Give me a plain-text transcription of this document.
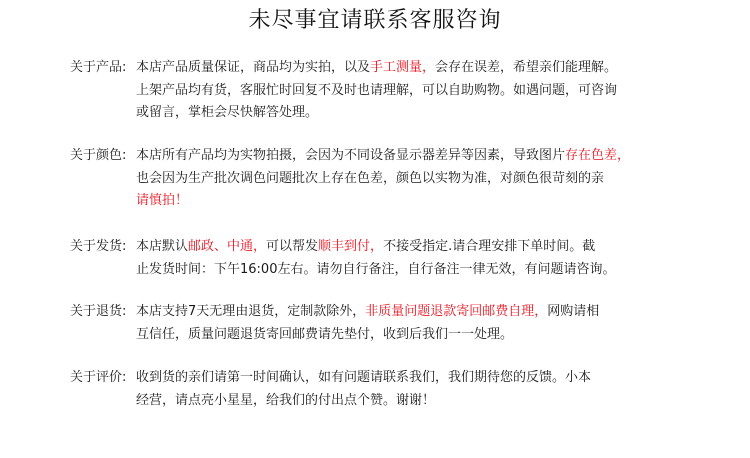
未尽事宜请联系客服咨询
关于产品: 本店产品质量保证，商品均为实拍，以及手工测量，会存在误差，希望亲们能理解。
上架产品均有货，客服忙时回复不及时也请理解，可以自助购物。如遇问题，可咨询
或留言，掌柜会尽快解答处理。
关于颜色: 本店所有产品均为实物拍摄，会因为不同设备显示器差异等因素，导致图片存在色差，
也会因为生产批次调色问题批次上存在色差，颜色以实物为准，对颜色很苛刻的亲
请慎拍！
关于发货: 本店默认邮政、中通，可以帮发顺丰到付，不接受指定.请合理安排下单时间。截
止发货时间：下午16:00左右。请勿自行备注，自行备注一律无效，有问题请咨询。
关于退货: 本店支持7天无理由退货，定制款除外，非质量问题退款寄回邮费自理，网购请相
互信任，质量问题退货寄回邮费请先垫付，收到后我们一一处理。
关于评价: 收到货的亲们请第一时间确认，如有问题请联系我们，我们期待您的反馈。小本
经营，请点亮小星星，给我们的付出点个赞。谢谢！
